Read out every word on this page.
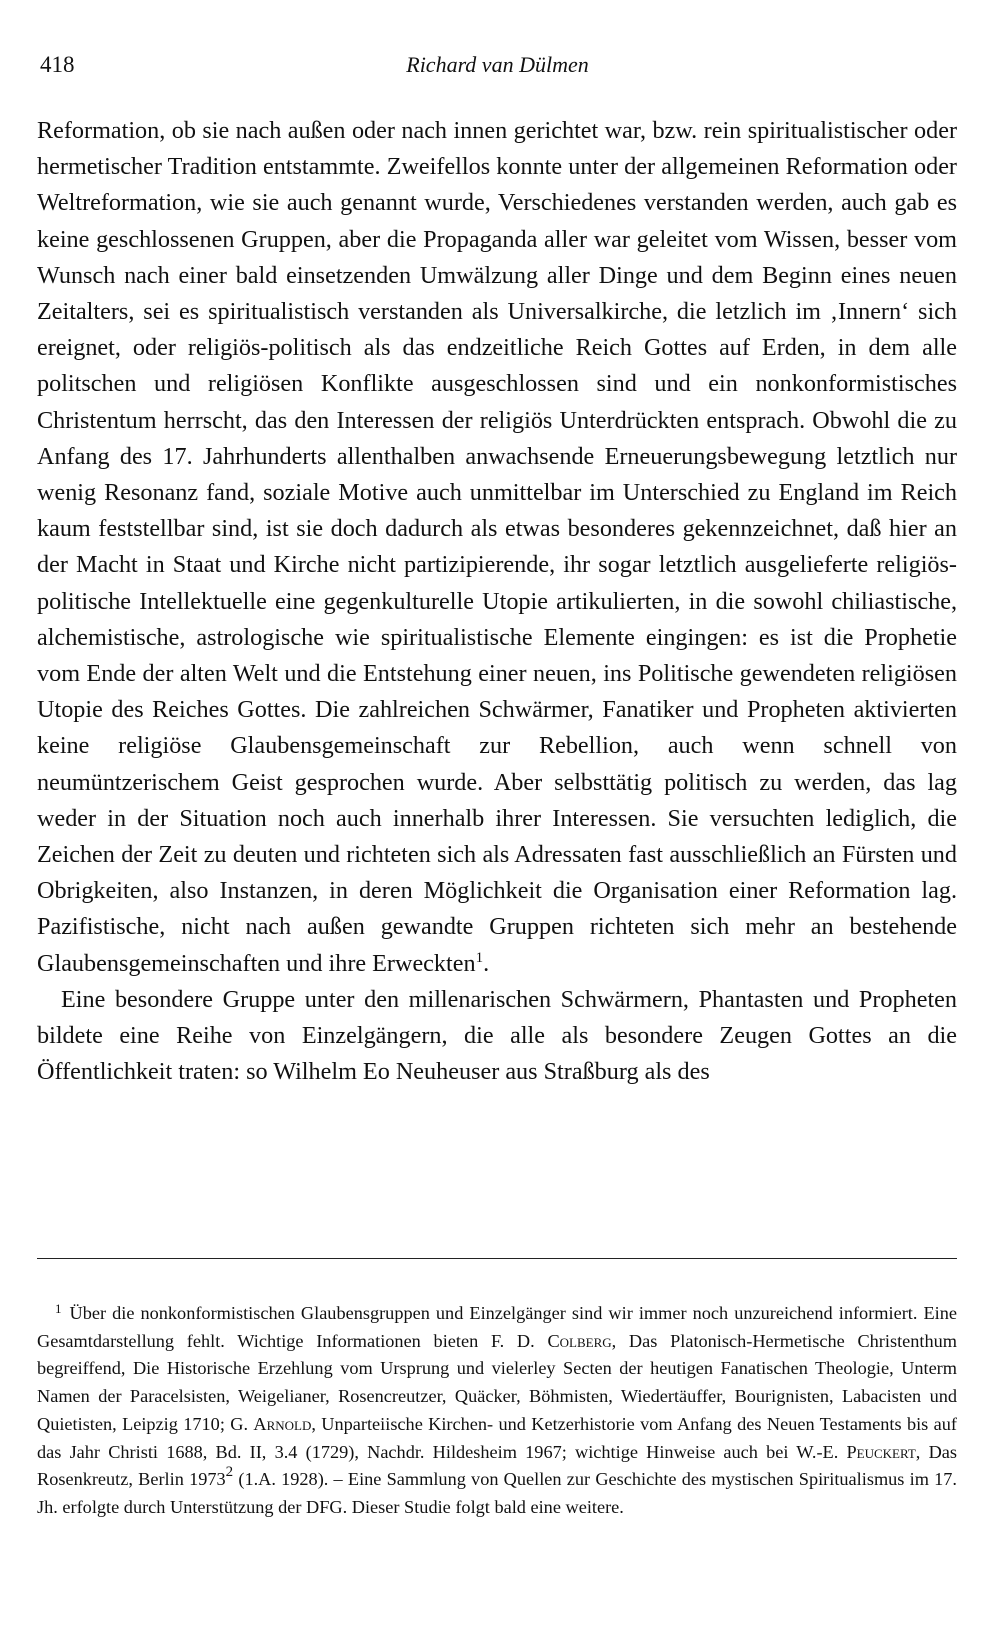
418	Richard van Dülmen

Reformation, ob sie nach außen oder nach innen gerichtet war, bzw. rein spiritualistischer oder hermetischer Tradition entstammte. Zweifellos konnte unter der allgemeinen Reformation oder Weltreformation, wie sie auch genannt wurde, Verschiedenes verstanden werden, auch gab es keine geschlossenen Gruppen, aber die Propaganda aller war geleitet vom Wissen, besser vom Wunsch nach einer bald einsetzenden Umwälzung aller Dinge und dem Beginn eines neuen Zeitalters, sei es spiritualistisch verstanden als Universalkirche, die letzlich im ‚Innern‘ sich ereignet, oder religiös-politisch als das endzeitliche Reich Gottes auf Erden, in dem alle politschen und religiösen Konflikte ausgeschlossen sind und ein nonkonformistisches Christentum herrscht, das den Interessen der religiös Unterdrückten entsprach. Obwohl die zu Anfang des 17. Jahrhunderts allenthalben anwachsende Erneuerungsbewegung letztlich nur wenig Resonanz fand, soziale Motive auch unmittelbar im Unterschied zu England im Reich kaum feststellbar sind, ist sie doch dadurch als etwas besonderes gekennzeichnet, daß hier an der Macht in Staat und Kirche nicht partizipierende, ihr sogar letztlich ausgelieferte religiös-politische Intellektuelle eine gegenkulturelle Utopie artikulierten, in die sowohl chiliastische, alchemistische, astrologische wie spiritualistische Elemente eingingen: es ist die Prophetie vom Ende der alten Welt und die Entstehung einer neuen, ins Politische gewendeten religiösen Utopie des Reiches Gottes. Die zahlreichen Schwärmer, Fanatiker und Propheten aktivierten keine religiöse Glaubensgemeinschaft zur Rebellion, auch wenn schnell von neumüntzerischem Geist gesprochen wurde. Aber selbsttätig politisch zu werden, das lag weder in der Situation noch auch innerhalb ihrer Interessen. Sie versuchten lediglich, die Zeichen der Zeit zu deuten und richteten sich als Adressaten fast ausschließlich an Fürsten und Obrigkeiten, also Instanzen, in deren Möglichkeit die Organisation einer Reformation lag. Pazifistische, nicht nach außen gewandte Gruppen richteten sich mehr an bestehende Glaubensgemeinschaften und ihre Erweckten$^1$.

Eine besondere Gruppe unter den millenarischen Schwärmern, Phantasten und Propheten bildete eine Reihe von Einzelgängern, die alle als besondere Zeugen Gottes an die Öffentlichkeit traten: so Wilhelm Eo Neuheuser aus Straßburg als des

$^1$ Über die nonkonformistischen Glaubensgruppen und Einzelgänger sind wir immer noch unzureichend informiert. Eine Gesamtdarstellung fehlt. Wichtige Informationen bieten F. D. Colberg, Das Platonisch-Hermetische Christenthum begreiffend, Die Historische Erzehlung vom Ursprung und vielerley Secten der heutigen Fanatischen Theologie, Unterm Namen der Paracelsisten, Weigelianer, Rosencreutzer, Quäcker, Böhmisten, Wiedertäuffer, Bourignisten, Labacisten und Quietisten, Leipzig 1710; G. Arnold, Unparteiische Kirchen- und Ketzerhistorie vom Anfang des Neuen Testaments bis auf das Jahr Christi 1688, Bd. II, 3.4 (1729), Nachdr. Hildesheim 1967; wichtige Hinweise auch bei W.-E. Peuckert, Das Rosenkreutz, Berlin 1973$^2$ (1.A. 1928). – Eine Sammlung von Quellen zur Geschichte des mystischen Spiritualismus im 17. Jh. erfolgte durch Unterstützung der DFG. Dieser Studie folgt bald eine weitere.
